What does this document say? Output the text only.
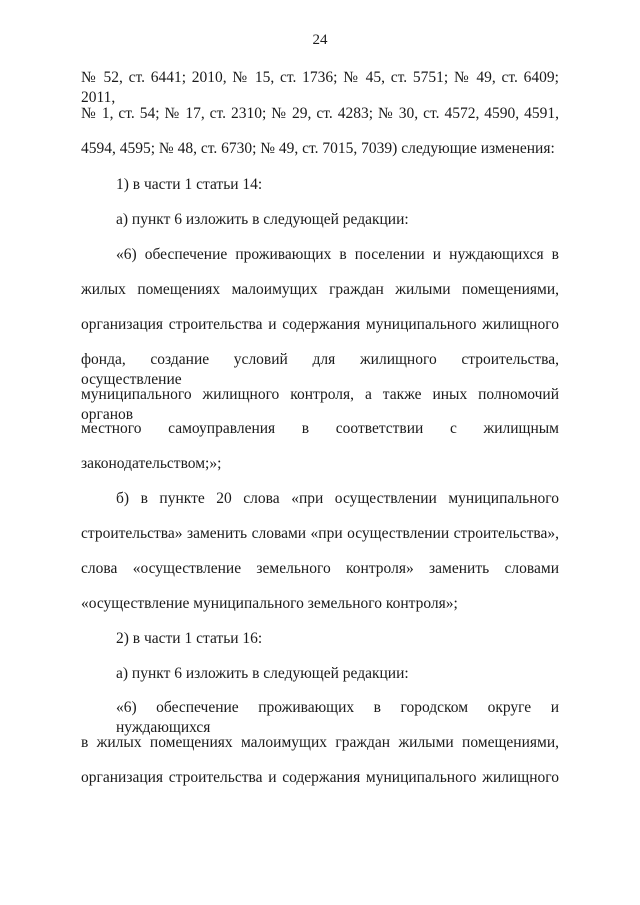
24
№ 52, ст. 6441; 2010, № 15, ст. 1736; № 45, ст. 5751; № 49, ст. 6409; 2011,
№ 1, ст. 54; № 17, ст. 2310; № 29, ст. 4283; № 30, ст. 4572, 4590, 4591,
4594, 4595; № 48, ст. 6730; № 49, ст. 7015, 7039) следующие изменения:
1) в части 1 статьи 14:
а) пункт 6 изложить в следующей редакции:
«6) обеспечение проживающих в поселении и нуждающихся в
жилых помещениях малоимущих граждан жилыми помещениями,
организация строительства и содержания муниципального жилищного
фонда, создание условий для жилищного строительства, осуществление
муниципального жилищного контроля, а также иных полномочий органов
местного самоуправления в соответствии с жилищным
законодательством;»;
б) в пункте 20 слова «при осуществлении муниципального
строительства» заменить словами «при осуществлении строительства»,
слова «осуществление земельного контроля» заменить словами
«осуществление муниципального земельного контроля»;
2) в части 1 статьи 16:
а) пункт 6 изложить в следующей редакции:
«6) обеспечение проживающих в городском округе и нуждающихся
в жилых помещениях малоимущих граждан жилыми помещениями,
организация строительства и содержания муниципального жилищного
